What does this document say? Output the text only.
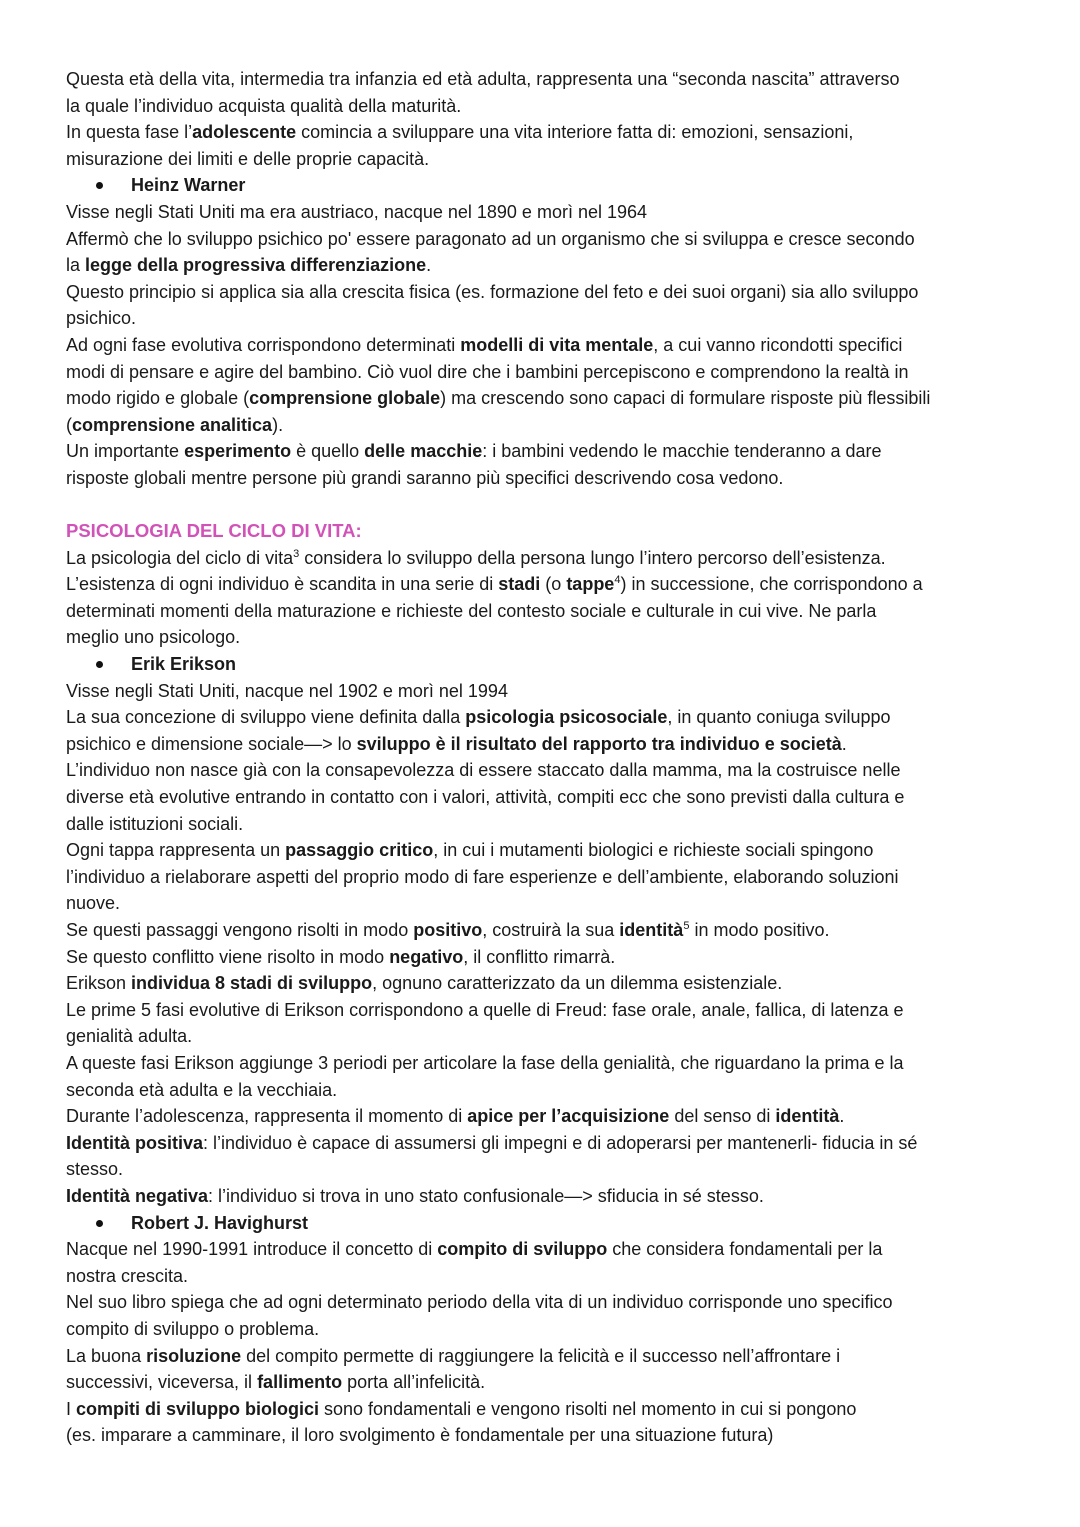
Questa età della vita, intermedia tra infanzia ed età adulta, rappresenta una “seconda nascita” attraverso
la quale l’individuo acquista qualità della maturità.
In questa fase l’adolescente comincia a sviluppare una vita interiore fatta di: emozioni, sensazioni,
misurazione dei limiti e delle proprie capacità.
Heinz Warner
Visse negli Stati Uniti ma era austriaco, nacque nel 1890 e morì nel 1964
Affermò che lo sviluppo psichico po' essere paragonato ad un organismo che si sviluppa e cresce secondo
la legge della progressiva differenziazione.
Questo principio si applica sia alla crescita fisica (es. formazione del feto e dei suoi organi) sia allo sviluppo
psichico.
Ad ogni fase evolutiva corrispondono determinati modelli di vita mentale, a cui vanno ricondotti specifici
modi di pensare e agire del bambino. Ciò vuol dire che i bambini percepiscono e comprendono la realtà in
modo rigido e globale (comprensione globale) ma crescendo sono capaci di formulare risposte più flessibili
(comprensione analitica).
Un importante esperimento è quello delle macchie: i bambini vedendo le macchie tenderanno a dare
risposte globali mentre persone più grandi saranno più specifici descrivendo cosa vedono.
PSICOLOGIA DEL CICLO DI VITA:
La psicologia del ciclo di vita$^3$ considera lo sviluppo della persona lungo l’intero percorso dell’esistenza.
L’esistenza di ogni individuo è scandita in una serie di stadi (o tappe$^4$) in successione, che corrispondono a
determinati momenti della maturazione e richieste del contesto sociale e culturale in cui vive. Ne parla
meglio uno psicologo.
Erik Erikson
Visse negli Stati Uniti, nacque nel 1902 e morì nel 1994
La sua concezione di sviluppo viene definita dalla psicologia psicosociale, in quanto coniuga sviluppo
psichico e dimensione sociale—> lo sviluppo è il risultato del rapporto tra individuo e società.
L’individuo non nasce già con la consapevolezza di essere staccato dalla mamma, ma la costruisce nelle
diverse età evolutive entrando in contatto con i valori, attività, compiti ecc che sono previsti dalla cultura e
dalle istituzioni sociali.
Ogni tappa rappresenta un passaggio critico, in cui i mutamenti biologici e richieste sociali spingono
l’individuo a rielaborare aspetti del proprio modo di fare esperienze e dell’ambiente, elaborando soluzioni
nuove.
Se questi passaggi vengono risolti in modo positivo, costruirà la sua identità$^5$ in modo positivo.
Se questo conflitto viene risolto in modo negativo, il conflitto rimarrà.
Erikson individua 8 stadi di sviluppo, ognuno caratterizzato da un dilemma esistenziale.
Le prime 5 fasi evolutive di Erikson corrispondono a quelle di Freud: fase orale, anale, fallica, di latenza e
genialità adulta.
A queste fasi Erikson aggiunge 3 periodi per articolare la fase della genialità, che riguardano la prima e la
seconda età adulta e la vecchiaia.
Durante l’adolescenza, rappresenta il momento di apice per l’acquisizione del senso di identità.
Identità positiva: l’individuo è capace di assumersi gli impegni e di adoperarsi per mantenerli- fiducia in sé
stesso.
Identità negativa: l’individuo si trova in uno stato confusionale—> sfiducia in sé stesso.
Robert J. Havighurst
Nacque nel 1990-1991 introduce il concetto di compito di sviluppo che considera fondamentali per la
nostra crescita.
Nel suo libro spiega che ad ogni determinato periodo della vita di un individuo corrisponde uno specifico
compito di sviluppo o problema.
La buona risoluzione del compito permette di raggiungere la felicità e il successo nell’affrontare i
successivi, viceversa, il fallimento porta all’infelicità.
I compiti di sviluppo biologici sono fondamentali e vengono risolti nel momento in cui si pongono
(es. imparare a camminare, il loro svolgimento è fondamentale per una situazione futura)
